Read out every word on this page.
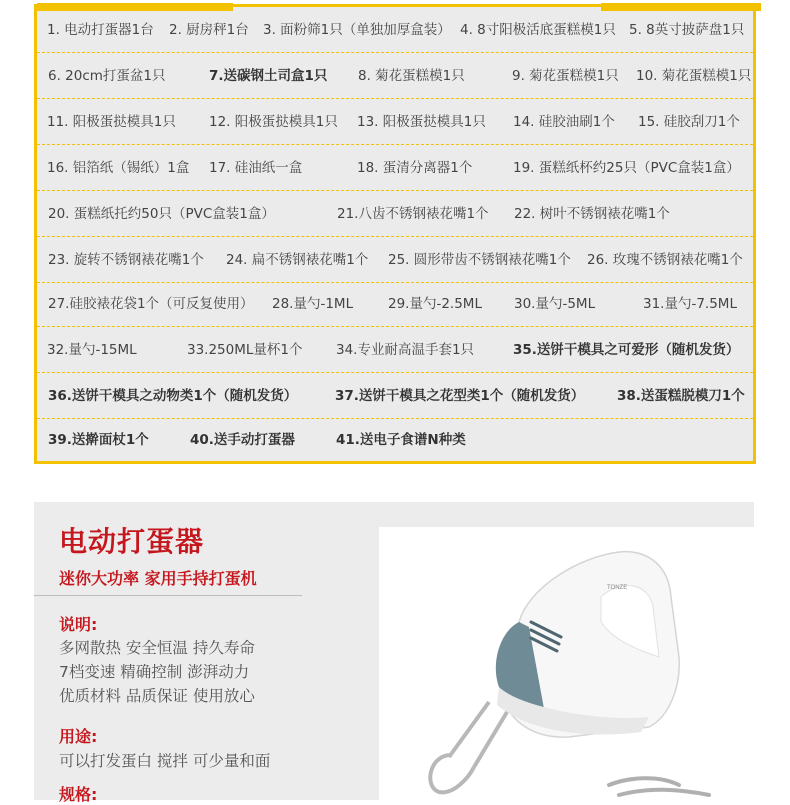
1. 电动打蛋器1台 2. 厨房秤1台 3. 面粉筛1只（单独加厚盒装） 4. 8寸阳极活底蛋糕模1只 5. 8英寸披萨盘1只
6. 20cm打蛋盆1只	7.送碳钢土司盒1只 8. 菊花蛋糕模1只	9. 菊花蛋糕模1只 10. 菊花蛋糕模1只
11. 阳极蛋挞模具1只 12. 阳极蛋挞模具1只 13. 阳极蛋挞模具1只 14. 硅胶油刷1个 15. 硅胶刮刀1个
16. 铝箔纸（锡纸）1盒 17. 硅油纸一盒	18. 蛋清分离器1个	19. 蛋糕纸杯约25只（PVC盒装1盒）
20. 蛋糕纸托约50只（PVC盒装1盒）	21.八齿不锈钢裱花嘴1个 22. 树叶不锈钢裱花嘴1个
23. 旋转不锈钢裱花嘴1个 24. 扁不锈钢裱花嘴1个 25. 圆形带齿不锈钢裱花嘴1个 26. 玫瑰不锈钢裱花嘴1个
27.硅胶裱花袋1个（可反复使用） 28.量勺-1ML	29.量勺-2.5ML 30.量勺-5ML	31.量勺-7.5ML
32.量勺-15ML	33.250ML量杯1个 34.专业耐高温手套1只	35.送饼干模具之可爱形（随机发货）
36.送饼干模具之动物类1个（随机发货）	37.送饼干模具之花型类1个（随机发货） 38.送蛋糕脱模刀1个
39.送擀面杖1个	40.送手动打蛋器	41.送电子食谱N种类
电动打蛋器
迷你大功率 家用手持打蛋机
说明:
多网散热 安全恒温 持久寿命
7档变速 精确控制 澎湃动力
优质材料 品质保证 使用放心
用途:
可以打发蛋白 搅拌 可少量和面
规格:
TONZE
